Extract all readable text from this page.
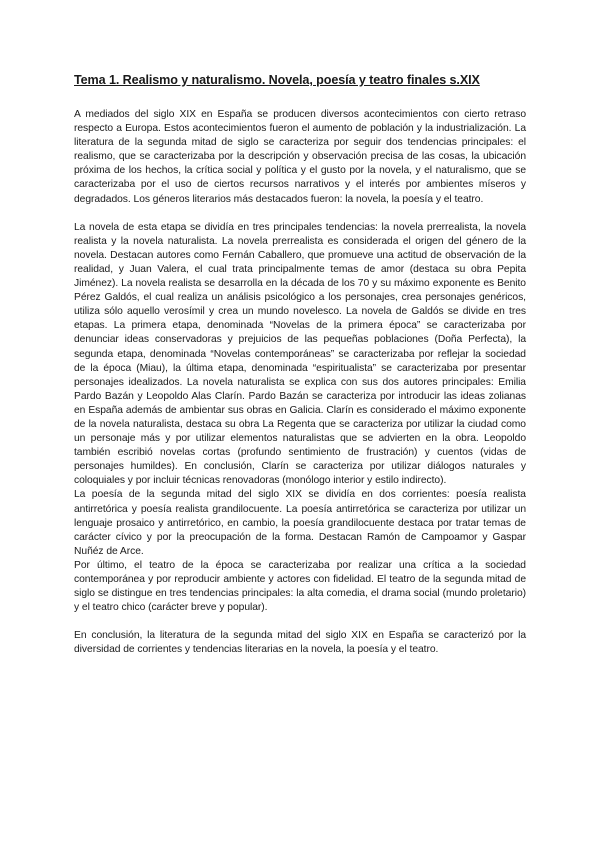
Tema 1. Realismo y naturalismo. Novela, poesía y teatro finales s.XIX

A mediados del siglo XIX en España se producen diversos acontecimientos con cierto retraso respecto a Europa. Estos acontecimientos fueron el aumento de población y la industrialización. La literatura de la segunda mitad de siglo se caracteriza por seguir dos tendencias principales: el realismo, que se caracterizaba por la descripción y observación precisa de las cosas, la ubicación próxima de los hechos, la crítica social y política y el gusto por la novela, y el naturalismo, que se caracterizaba por el uso de ciertos recursos narrativos y el interés por ambientes míseros y degradados. Los géneros literarios más destacados fueron: la novela, la poesía y el teatro.

La novela de esta etapa se dividía en tres principales tendencias: la novela prerrealista, la novela realista y la novela naturalista. La novela prerrealista es considerada el origen del género de la novela. Destacan autores como Fernán Caballero, que promueve una actitud de observación de la realidad, y Juan Valera, el cual trata principalmente temas de amor (destaca su obra Pepita Jiménez). La novela realista se desarrolla en la década de los 70 y su máximo exponente es Benito Pérez Galdós, el cual realiza un análisis psicológico a los personajes, crea personajes genéricos, utiliza sólo aquello verosímil y crea un mundo novelesco. La novela de Galdós se divide en tres etapas. La primera etapa, denominada “Novelas de la primera época” se caracterizaba por denunciar ideas conservadoras y prejuicios de las pequeñas poblaciones (Doña Perfecta), la segunda etapa, denominada “Novelas contemporáneas” se caracterizaba por reflejar la sociedad de la época (Miau), la última etapa, denominada “espiritualista” se caracterizaba por presentar personajes idealizados. La novela naturalista se explica con sus dos autores principales: Emilia Pardo Bazán y Leopoldo Alas Clarín. Pardo Bazán se caracteriza por introducir las ideas zolianas en España además de ambientar sus obras en Galicia. Clarín es considerado el máximo exponente de la novela naturalista, destaca su obra La Regenta que se caracteriza por utilizar la ciudad como un personaje más y por utilizar elementos naturalistas que se advierten en la obra. Leopoldo también escribió novelas cortas (profundo sentimiento de frustración) y cuentos (vidas de personajes humildes). En conclusión, Clarín se caracteriza por utilizar diálogos naturales y coloquiales y por incluir técnicas renovadoras (monólogo interior y estilo indirecto).

La poesía de la segunda mitad del siglo XIX se dividía en dos corrientes: poesía realista antirretórica y poesía realista grandilocuente. La poesía antirretórica se caracteriza por utilizar un lenguaje prosaico y antirretórico, en cambio, la poesía grandilocuente destaca por tratar temas de carácter cívico y por la preocupación de la forma. Destacan Ramón de Campoamor y Gaspar Nuñéz de Arce.

Por último, el teatro de la época se caracterizaba por realizar una crítica a la sociedad contemporánea y por reproducir ambiente y actores con fidelidad. El teatro de la segunda mitad de siglo se distingue en tres tendencias principales: la alta comedia, el drama social (mundo proletario) y el teatro chico (carácter breve y popular).

En conclusión, la literatura de la segunda mitad del siglo XIX en España se caracterizó por la diversidad de corrientes y tendencias literarias en la novela, la poesía y el teatro.
